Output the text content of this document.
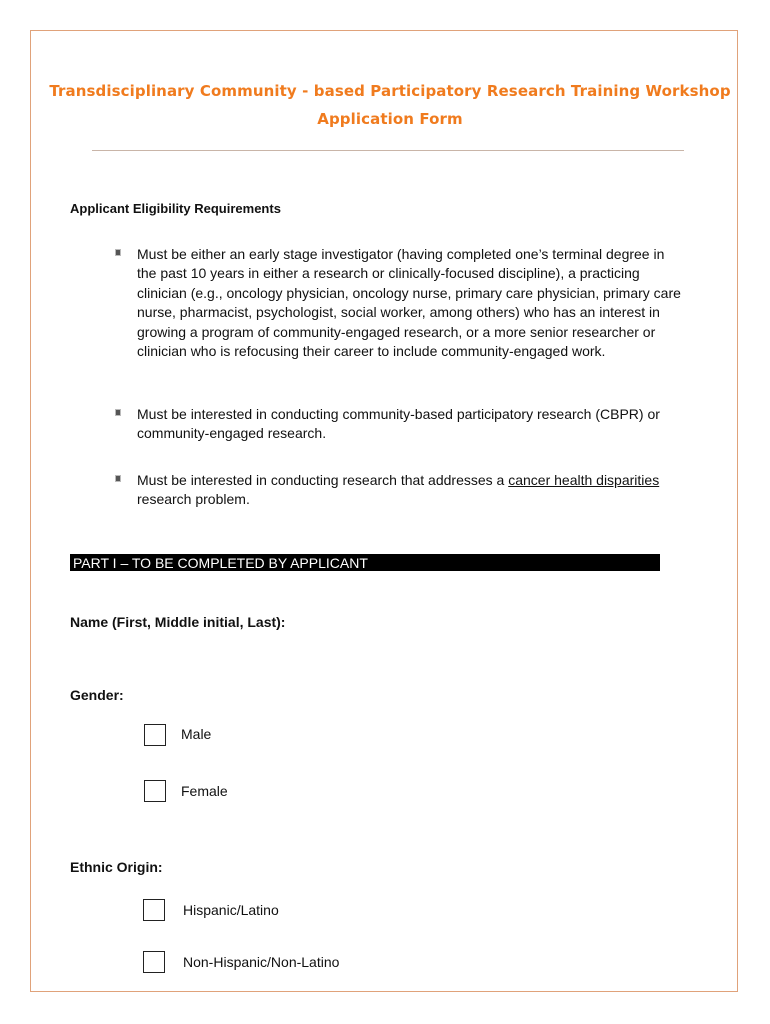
Transdisciplinary Community - based Participatory Research Training Workshop
Application Form
Applicant Eligibility Requirements
Must be either an early stage investigator (having completed one’s terminal degree in the past 10 years in either a research or clinically-focused discipline), a practicing clinician (e.g., oncology physician, oncology nurse, primary care physician, primary care nurse, pharmacist, psychologist, social worker, among others) who has an interest in growing a program of community-engaged research, or a more senior researcher or clinician who is refocusing their career to include community-engaged work.
Must be interested in conducting community-based participatory research (CBPR) or community-engaged research.
Must be interested in conducting research that addresses a cancer health disparities research problem.
PART I – TO BE COMPLETED BY APPLICANT
Name (First, Middle initial, Last):
Gender:
Male
Female
Ethnic Origin:
Hispanic/Latino
Non-Hispanic/Non-Latino
